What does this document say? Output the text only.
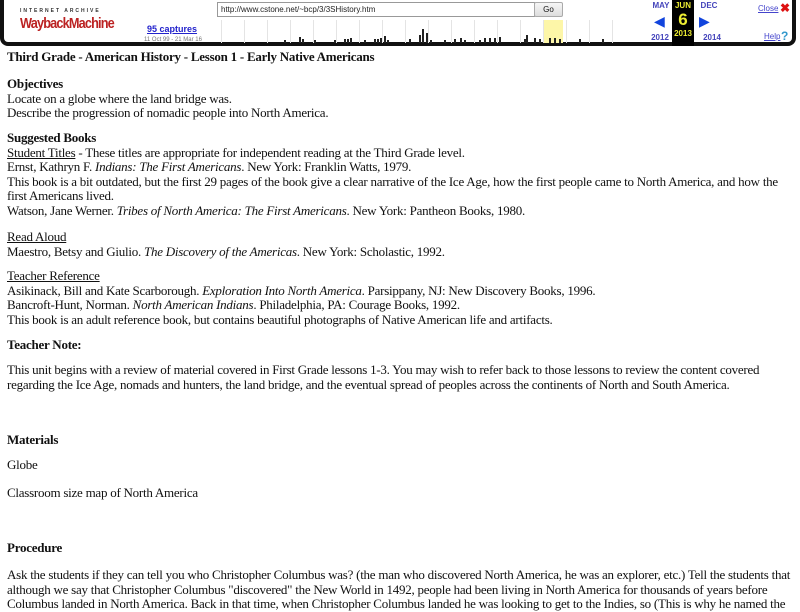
INTERNET ARCHIVE
WaybackMachine	95 captures
11 Oct 99 - 21 Mar 16
http://www.cstone.net/~bcp/3/3SHistory.htm	Go	MAY
◀
2012
JUN
6
2013
DEC
▶
2014
Close ✖
Help ?
Third Grade - American History - Lesson 1 - Early Native Americans
Objectives
Locate on a globe where the land bridge was.
Describe the progression of nomadic people into North America.
Suggested Books
Student Titles - These titles are appropriate for independent reading at the Third Grade level.
Ernst, Kathryn F. Indians: The First Americans. New York: Franklin Watts, 1979.
This book is a bit outdated, but the first 29 pages of the book give a clear narrative of the Ice Age, how the first people came to North America, and how the first Americans lived.
Watson, Jane Werner. Tribes of North America: The First Americans. New York: Pantheon Books, 1980.
Read Aloud
Maestro, Betsy and Giulio. The Discovery of the Americas. New York: Scholastic, 1992.
Teacher Reference
Asikinack, Bill and Kate Scarborough. Exploration Into North America. Parsippany, NJ: New Discovery Books, 1996.
Bancroft-Hunt, Norman. North American Indians. Philadelphia, PA: Courage Books, 1992.
This book is an adult reference book, but contains beautiful photographs of Native American life and artifacts.
Teacher Note:
This unit begins with a review of material covered in First Grade lessons 1-3. You may wish to refer back to those lessons to review the content covered regarding the Ice Age, nomads and hunters, the land bridge, and the eventual spread of peoples across the continents of North and South America.
Materials
Globe
Classroom size map of North America
Procedure
Ask the students if they can tell you who Christopher Columbus was? (the man who discovered North America, he was an explorer, etc.) Tell the students that although we say that Christopher Columbus "discovered" the New World in 1492, people had been living in North America for thousands of years before Columbus landed in North America. Back in that time, when Christopher Columbus landed he was looking to get to the Indies, so (This is why he named the
